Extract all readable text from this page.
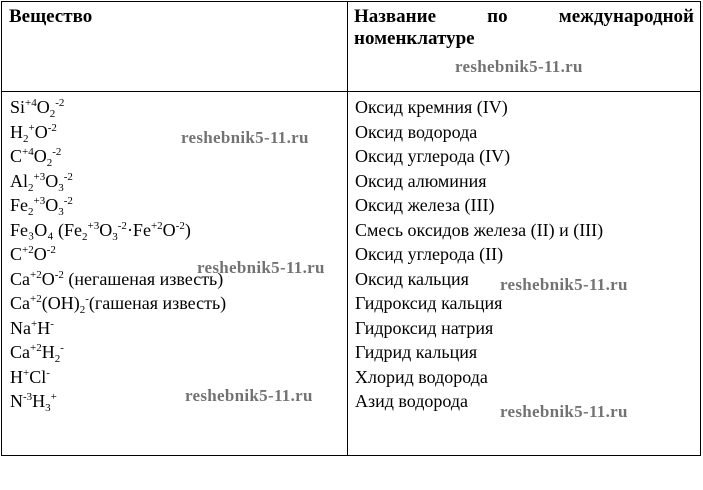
Вещество	Название по международной номенклатуре
$Si^{+4}O_2^{-2}$
$H_2^+O^{-2}$
$C^{+4}O_2^{-2}$
$Al_2^{+3}O_3^{-2}$
$Fe_2^{+3}O_3^{-2}$
Fe₃O₄ $(Fe_2^{+3}O_3^{-2}\cdot Fe^{+2}O^{-2})$
$C^{+2}O^{-2}$
$Ca^{+2}O^{-2}$ (негашеная известь)
$Ca^{+2}(OH)_2^-(гашеная$ известь)
Na+H-
$Ca^{+2}H_2^-$
H+Cl-
$N^{-3}H_3^+$
Оксид кремния (IV)
Оксид водорода
Оксид углерода (IV)
Оксид алюминия
Оксид железа (III)
Смесь оксидов железа (II) и (III)
Оксид углерода (II)
Оксид кальция
Гидроксид кальция
Гидроксид натрия
Гидрид кальция
Хлорид водорода
Азид водорода
reshebnik5-11.ru
reshebnik5-11.ru
reshebnik5-11.ru
reshebnik5-11.ru
reshebnik5-11.ru
reshebnik5-11.ru
